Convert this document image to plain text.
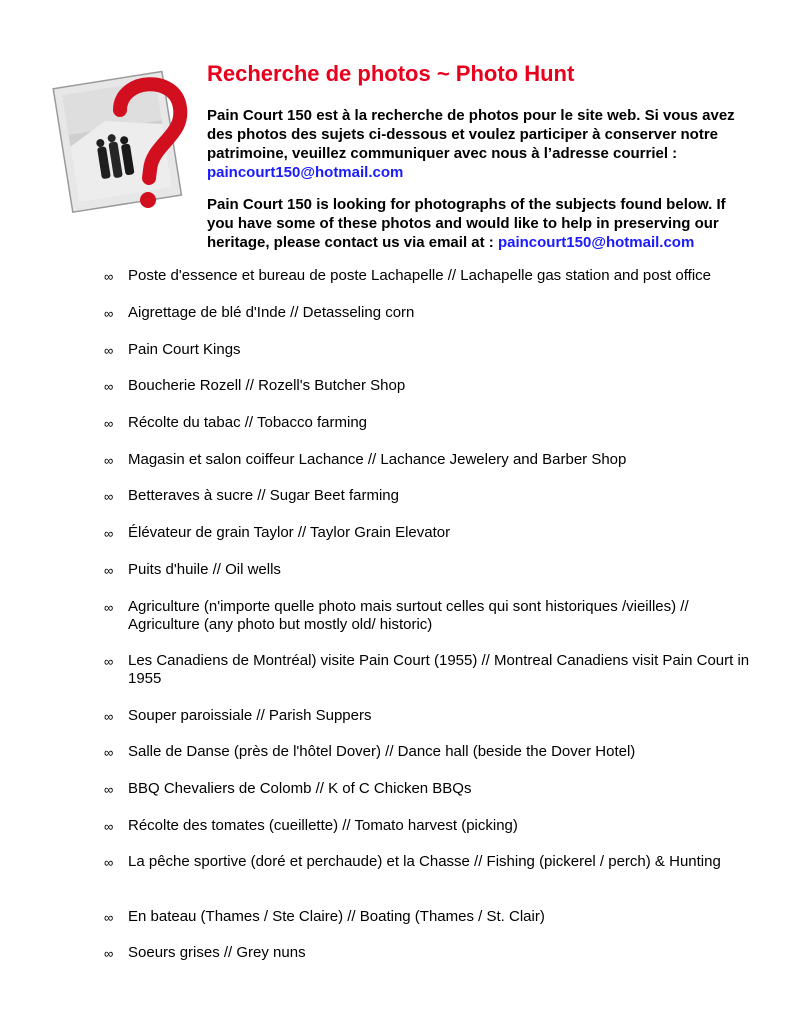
Recherche de photos ~ Photo Hunt

Pain Court 150 est à la recherche de photos pour le site web. Si vous avez des photos des sujets ci-dessous et voulez participer à conserver notre patrimoine, veuillez communiquer avec nous à l’adresse courriel : paincourt150@hotmail.com

Pain Court 150 is looking for photographs of the subjects found below. If you have some of these photos and would like to help in preserving our heritage, please contact us via email at : paincourt150@hotmail.com

∞ Poste d'essence et bureau de poste Lachapelle // Lachapelle gas station and post office
∞ Aigrettage de blé d'Inde // Detasseling corn
∞ Pain Court Kings
∞ Boucherie Rozell // Rozell's Butcher Shop
∞ Récolte du tabac // Tobacco farming
∞ Magasin et salon coiffeur Lachance // Lachance Jewelery and Barber Shop
∞ Betteraves à sucre // Sugar Beet farming
∞ Élévateur de grain Taylor // Taylor Grain Elevator
∞ Puits d'huile // Oil wells
∞ Agriculture (n'importe quelle photo mais surtout celles qui sont historiques /vieilles) // Agriculture (any photo but mostly old/ historic)
∞ Les Canadiens de Montréal) visite Pain Court (1955) // Montreal Canadiens visit Pain Court in 1955
∞ Souper paroissiale // Parish Suppers
∞ Salle de Danse (près de l'hôtel Dover) // Dance hall (beside the Dover Hotel)
∞ BBQ Chevaliers de Colomb // K of C Chicken BBQs
∞ Récolte des tomates (cueillette) // Tomato harvest (picking)
∞ La pêche sportive (doré et perchaude) et la Chasse // Fishing (pickerel / perch) & Hunting
∞ En bateau (Thames / Ste Claire) // Boating (Thames / St. Clair)
∞ Soeurs grises // Grey nuns
